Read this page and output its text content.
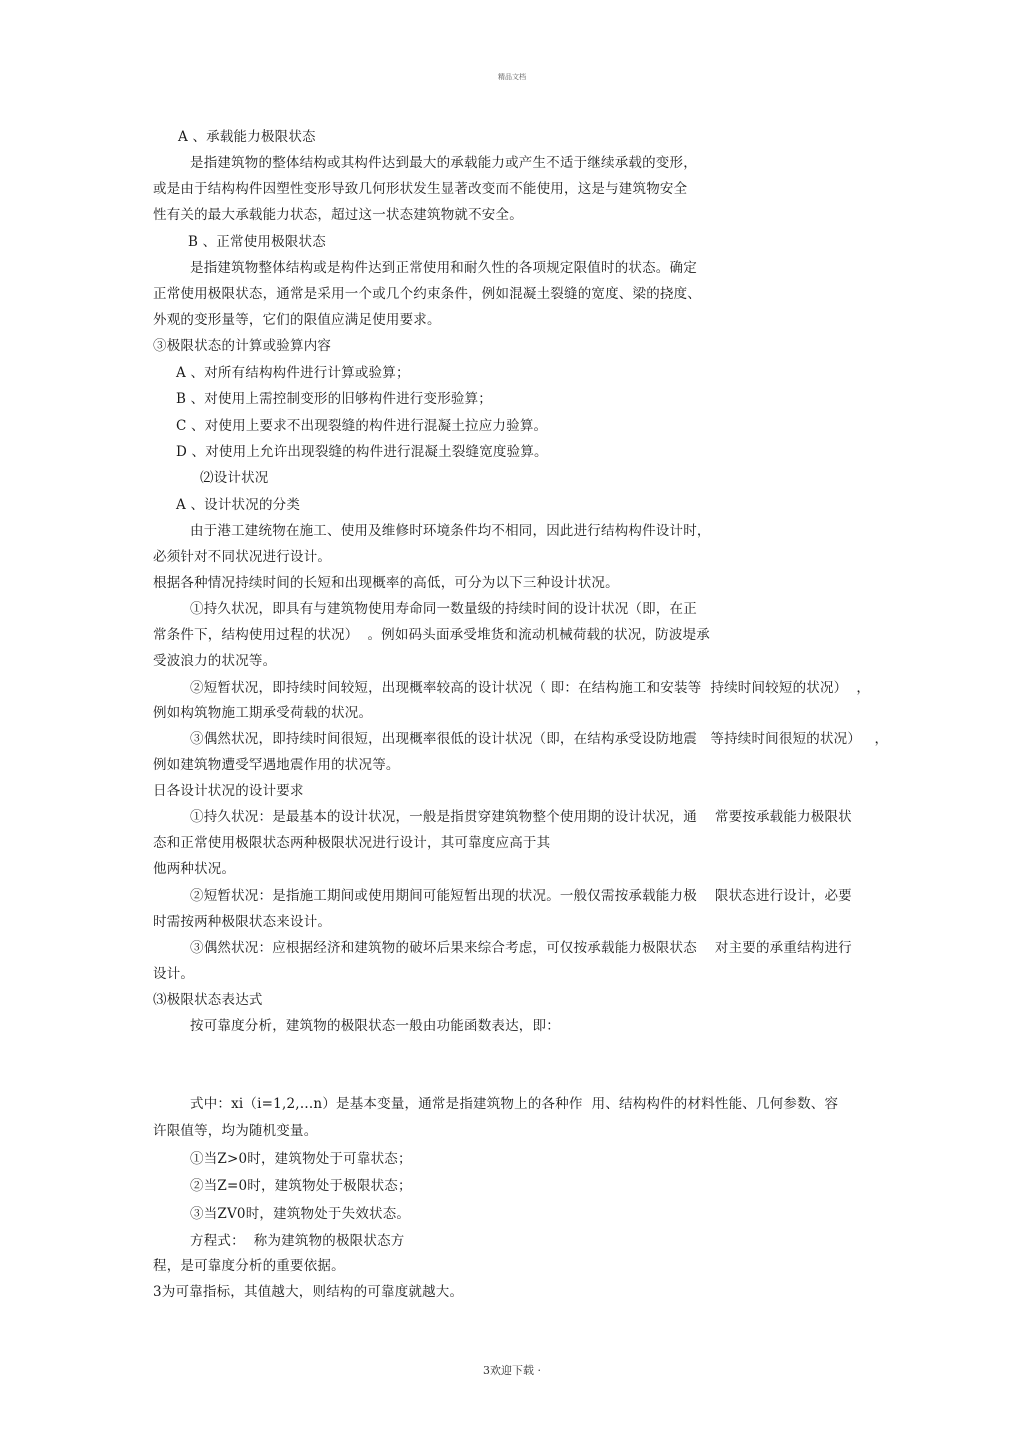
精品文档
A 、承载能力极限状态
是指建筑物的整体结构或其构件达到最大的承载能力或产生不适于继续承载的变形，
或是由于结构构件因塑性变形导致几何形状发生显著改变而不能使用，这是与建筑物安全
性有关的最大承载能力状态，超过这一状态建筑物就不安全。
B 、正常使用极限状态
是指建筑物整体结构或是构件达到正常使用和耐久性的各项规定限值时的状态。确定
正常使用极限状态，通常是采用一个或几个约束条件，例如混凝土裂缝的宽度、梁的挠度、
外观的变形量等，它们的限值应满足使用要求。
③极限状态的计算或验算内容
A 、对所有结构构件进行计算或验算；
B 、对使用上需控制变形的旧够构件进行变形验算；
C 、对使用上要求不出现裂缝的构件进行混凝土拉应力验算。
D 、对使用上允许出现裂缝的构件进行混凝土裂缝宽度验算。
⑵设计状况
A 、设计状况的分类
由于港工建统物在施工、使用及维修时环境条件均不相同，因此进行结构构件设计时，
必须针对不同状况进行设计。
根据各种情况持续时间的长短和出现概率的高低，可分为以下三种设计状况。
①持久状况，即具有与建筑物使用寿命同一数量级的持续时间的设计状况（即，在正
常条件下，结构使用过程的状况）  。例如码头面承受堆货和流动机械荷载的状况，防波堤承
受波浪力的状况等。
②短暂状况，即持续时间较短，出现概率较高的设计状况（ 即：在结构施工和安装等  持续时间较短的状况）  ，
例如构筑物施工期承受荷载的状况。
③偶然状况，即持续时间很短，出现概率很低的设计状况（即，在结构承受设防地震   等持续时间很短的状况）   ，
例如建筑物遭受罕遇地震作用的状况等。
日各设计状况的设计要求
①持久状况：是最基本的设计状况，一般是指贯穿建筑物整个使用期的设计状况，通    常要按承载能力极限状
态和正常使用极限状态两种极限状况进行设计，其可靠度应高于其
他两种状况。
②短暂状况：是指施工期间或使用期间可能短暂出现的状况。一般仅需按承载能力极    限状态进行设计，必要
时需按两种极限状态来设计。
③偶然状况：应根据经济和建筑物的破坏后果来综合考虑，可仅按承载能力极限状态    对主要的承重结构进行
设计。
⑶极限状态表达式
按可靠度分析，建筑物的极限状态一般由功能函数表达，即：
式中：xi（i=1,2,…n）是基本变量，通常是指建筑物上的各种作  用、结构构件的材料性能、几何参数、容
许限值等，均为随机变量。
①当Z>0时，建筑物处于可靠状态；
②当Z=0时，建筑物处于极限状态；
③当ZV0时，建筑物处于失效状态。
方程式：  称为建筑物的极限状态方
程，是可靠度分析的重要依据。
3为可靠指标，其值越大，则结构的可靠度就越大。
3欢迎下载 ·
